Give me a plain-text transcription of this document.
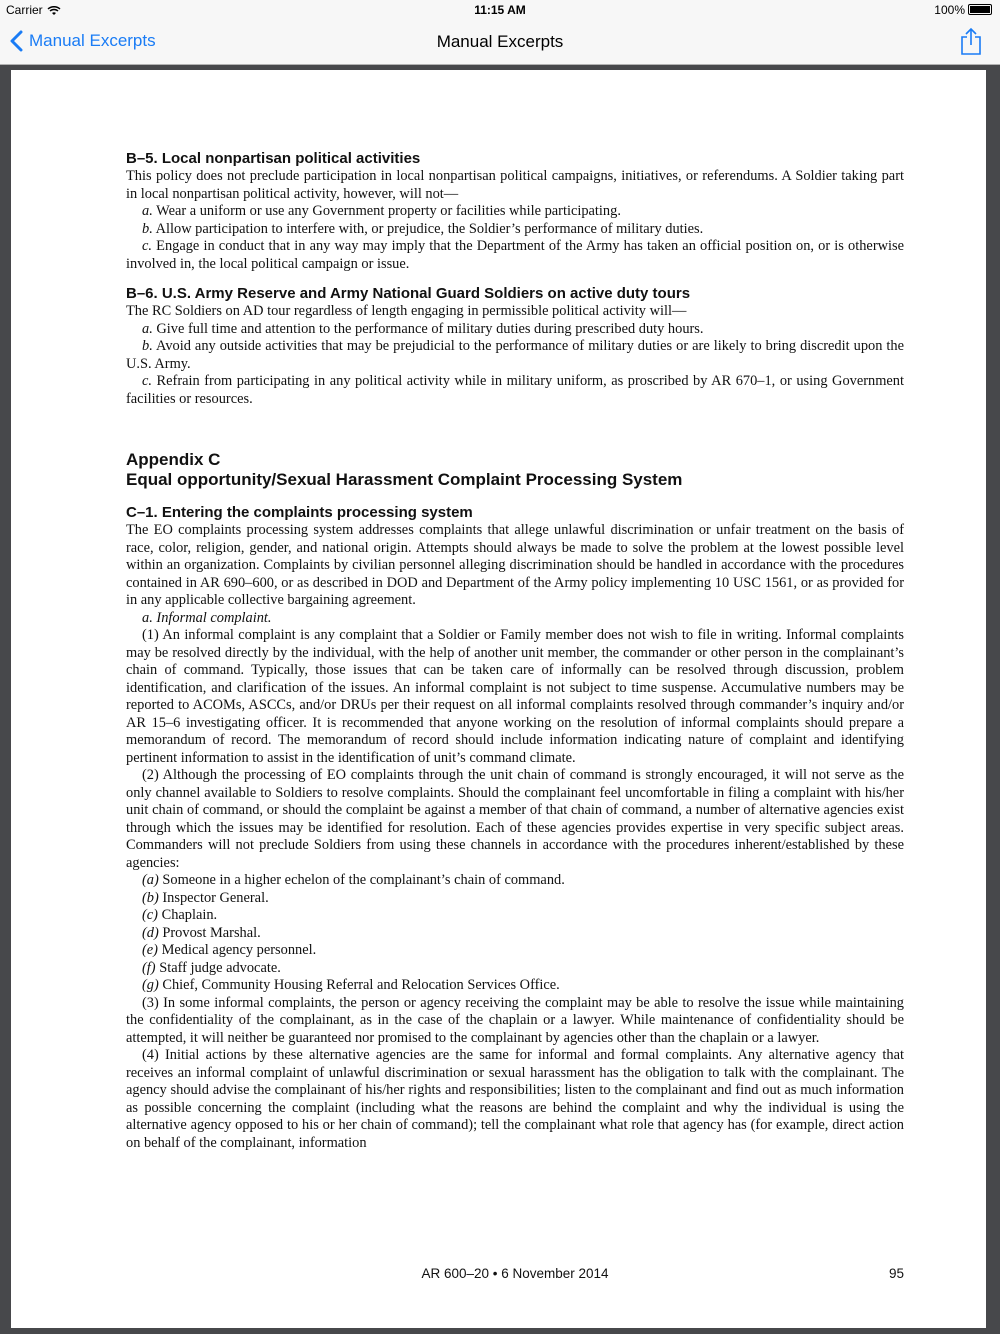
Carrier	11:15 AM	100%
Manual Excerpts	Manual Excerpts
B–5. Local nonpartisan political activities

This policy does not preclude participation in local nonpartisan political campaigns, initiatives, or referendums. A Soldier taking part in local nonpartisan political activity, however, will not—

a. Wear a uniform or use any Government property or facilities while participating.

b. Allow participation to interfere with, or prejudice, the Soldier’s performance of military duties.

c. Engage in conduct that in any way may imply that the Department of the Army has taken an official position on, or is otherwise involved in, the local political campaign or issue.

B–6. U.S. Army Reserve and Army National Guard Soldiers on active duty tours

The RC Soldiers on AD tour regardless of length engaging in permissible political activity will—

a. Give full time and attention to the performance of military duties during prescribed duty hours.

b. Avoid any outside activities that may be prejudicial to the performance of military duties or are likely to bring discredit upon the U.S. Army.

c. Refrain from participating in any political activity while in military uniform, as proscribed by AR 670–1, or using Government facilities or resources.

Appendix C
Equal opportunity/Sexual Harassment Complaint Processing System
C–1. Entering the complaints processing system

The EO complaints processing system addresses complaints that allege unlawful discrimination or unfair treatment on the basis of race, color, religion, gender, and national origin. Attempts should always be made to solve the problem at the lowest possible level within an organization. Complaints by civilian personnel alleging discrimination should be handled in accordance with the procedures contained in AR 690–600, or as described in DOD and Department of the Army policy implementing 10 USC 1561, or as provided for in any applicable collective bargaining agreement.

a. Informal complaint.

(1) An informal complaint is any complaint that a Soldier or Family member does not wish to file in writing. Informal complaints may be resolved directly by the individual, with the help of another unit member, the commander or other person in the complainant’s chain of command. Typically, those issues that can be taken care of informally can be resolved through discussion, problem identification, and clarification of the issues. An informal complaint is not subject to time suspense. Accumulative numbers may be reported to ACOMs, ASCCs, and/or DRUs per their request on all informal complaints resolved through commander’s inquiry and/or AR 15–6 investigating officer. It is recommended that anyone working on the resolution of informal complaints should prepare a memorandum of record. The memorandum of record should include information indicating nature of complaint and identifying pertinent information to assist in the identification of unit’s command climate.

(2) Although the processing of EO complaints through the unit chain of command is strongly encouraged, it will not serve as the only channel available to Soldiers to resolve complaints. Should the complainant feel uncomfortable in filing a complaint with his/her unit chain of command, or should the complaint be against a member of that chain of command, a number of alternative agencies exist through which the issues may be identified for resolution. Each of these agencies provides expertise in very specific subject areas. Commanders will not preclude Soldiers from using these channels in accordance with the procedures inherent/established by these agencies:

(a) Someone in a higher echelon of the complainant’s chain of command.

(b) Inspector General.

(c) Chaplain.

(d) Provost Marshal.

(e) Medical agency personnel.

(f) Staff judge advocate.

(g) Chief, Community Housing Referral and Relocation Services Office.

(3) In some informal complaints, the person or agency receiving the complaint may be able to resolve the issue while maintaining the confidentiality of the complainant, as in the case of the chaplain or a lawyer. While maintenance of confidentiality should be attempted, it will neither be guaranteed nor promised to the complainant by agencies other than the chaplain or a lawyer.

(4) Initial actions by these alternative agencies are the same for informal and formal complaints. Any alternative agency that receives an informal complaint of unlawful discrimination or sexual harassment has the obligation to talk with the complainant. The agency should advise the complainant of his/her rights and responsibilities; listen to the complainant and find out as much information as possible concerning the complaint (including what the reasons are behind the complaint and why the individual is using the alternative agency opposed to his or her chain of command); tell the complainant what role that agency has (for example, direct action on behalf of the complainant, information

AR 600–20 • 6 November 2014	95
